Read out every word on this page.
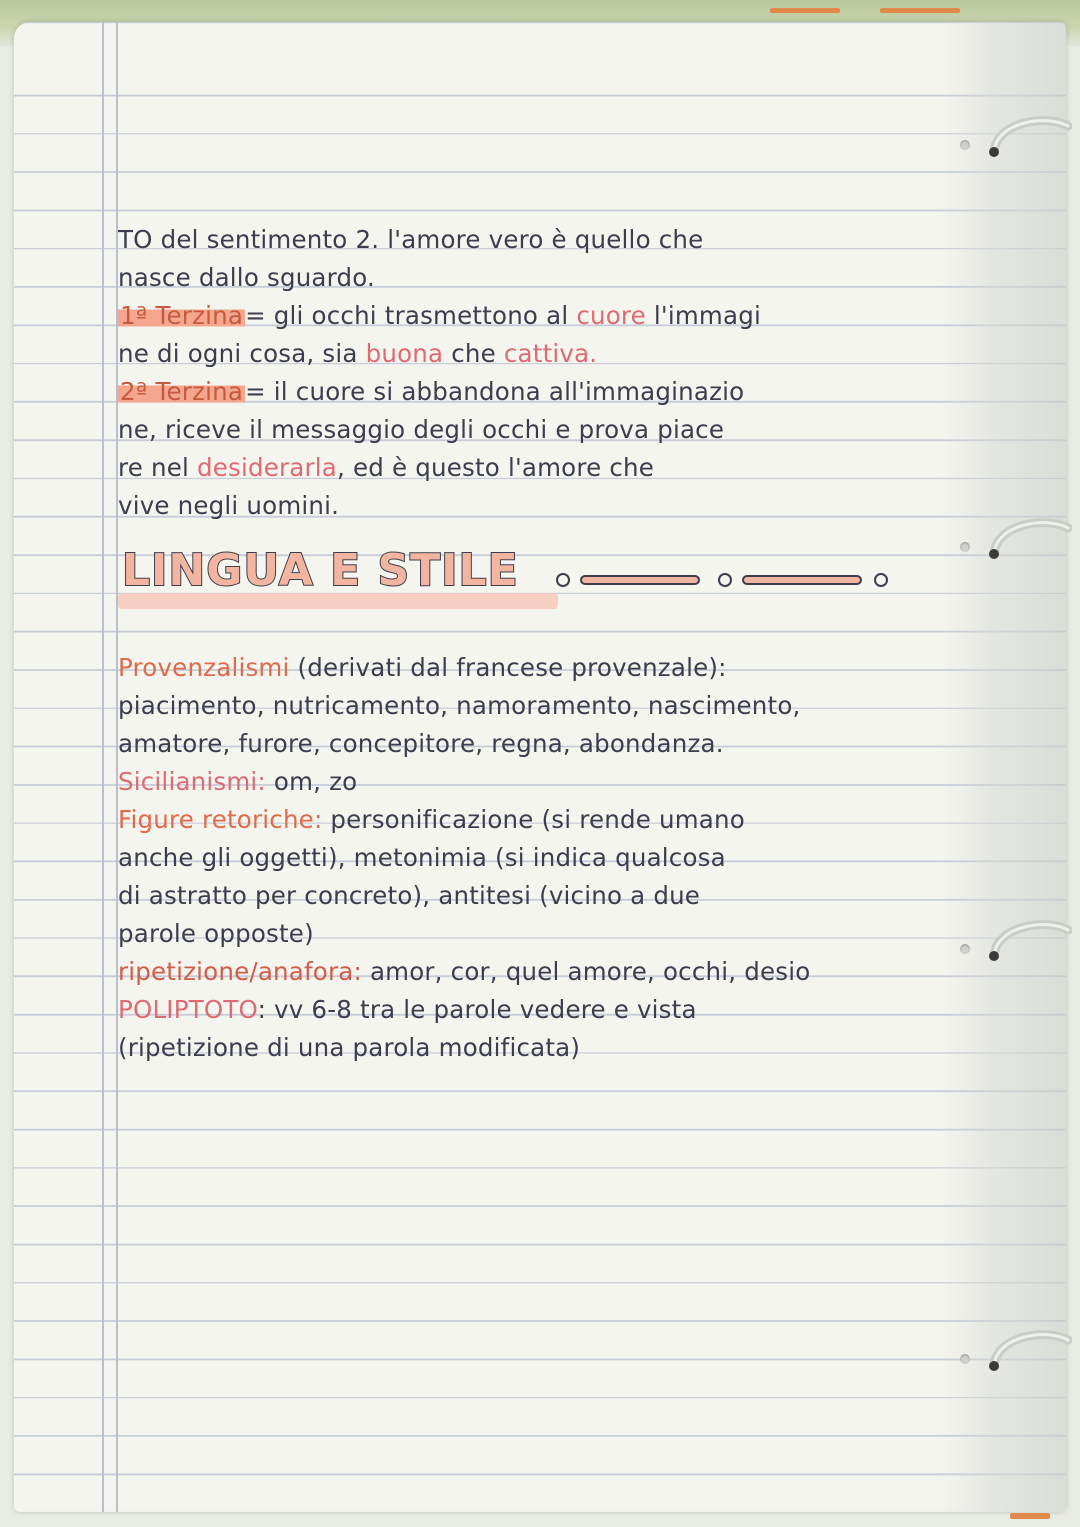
TO del sentimento 2. l'amore vero è quello che
nasce dallo sguardo.
1ª Terzina= gli occhi trasmettono al cuore l'immagi
ne di ogni cosa, sia buona che cattiva.
2ª Terzina= il cuore si abbandona all'immaginazio
ne, riceve il messaggio degli occhi e prova piace
re nel desiderarla, ed è questo l'amore che
vive negli uomini.
LINGUA E STILE
Provenzalismi (derivati dal francese provenzale):
piacimento, nutricamento, namoramento, nascimento,
amatore, furore, concepitore, regna, abondanza.
Sicilianismi: om, zo
Figure retoriche: personificazione (si rende umano
anche gli oggetti), metonimia (si indica qualcosa
di astratto per concreto), antitesi (vicino a due
parole opposte)
ripetizione/anafora: amor, cor, quel amore, occhi, desio
POLIPTOTO: vv 6-8 tra le parole vedere e vista
(ripetizione di una parola modificata)
